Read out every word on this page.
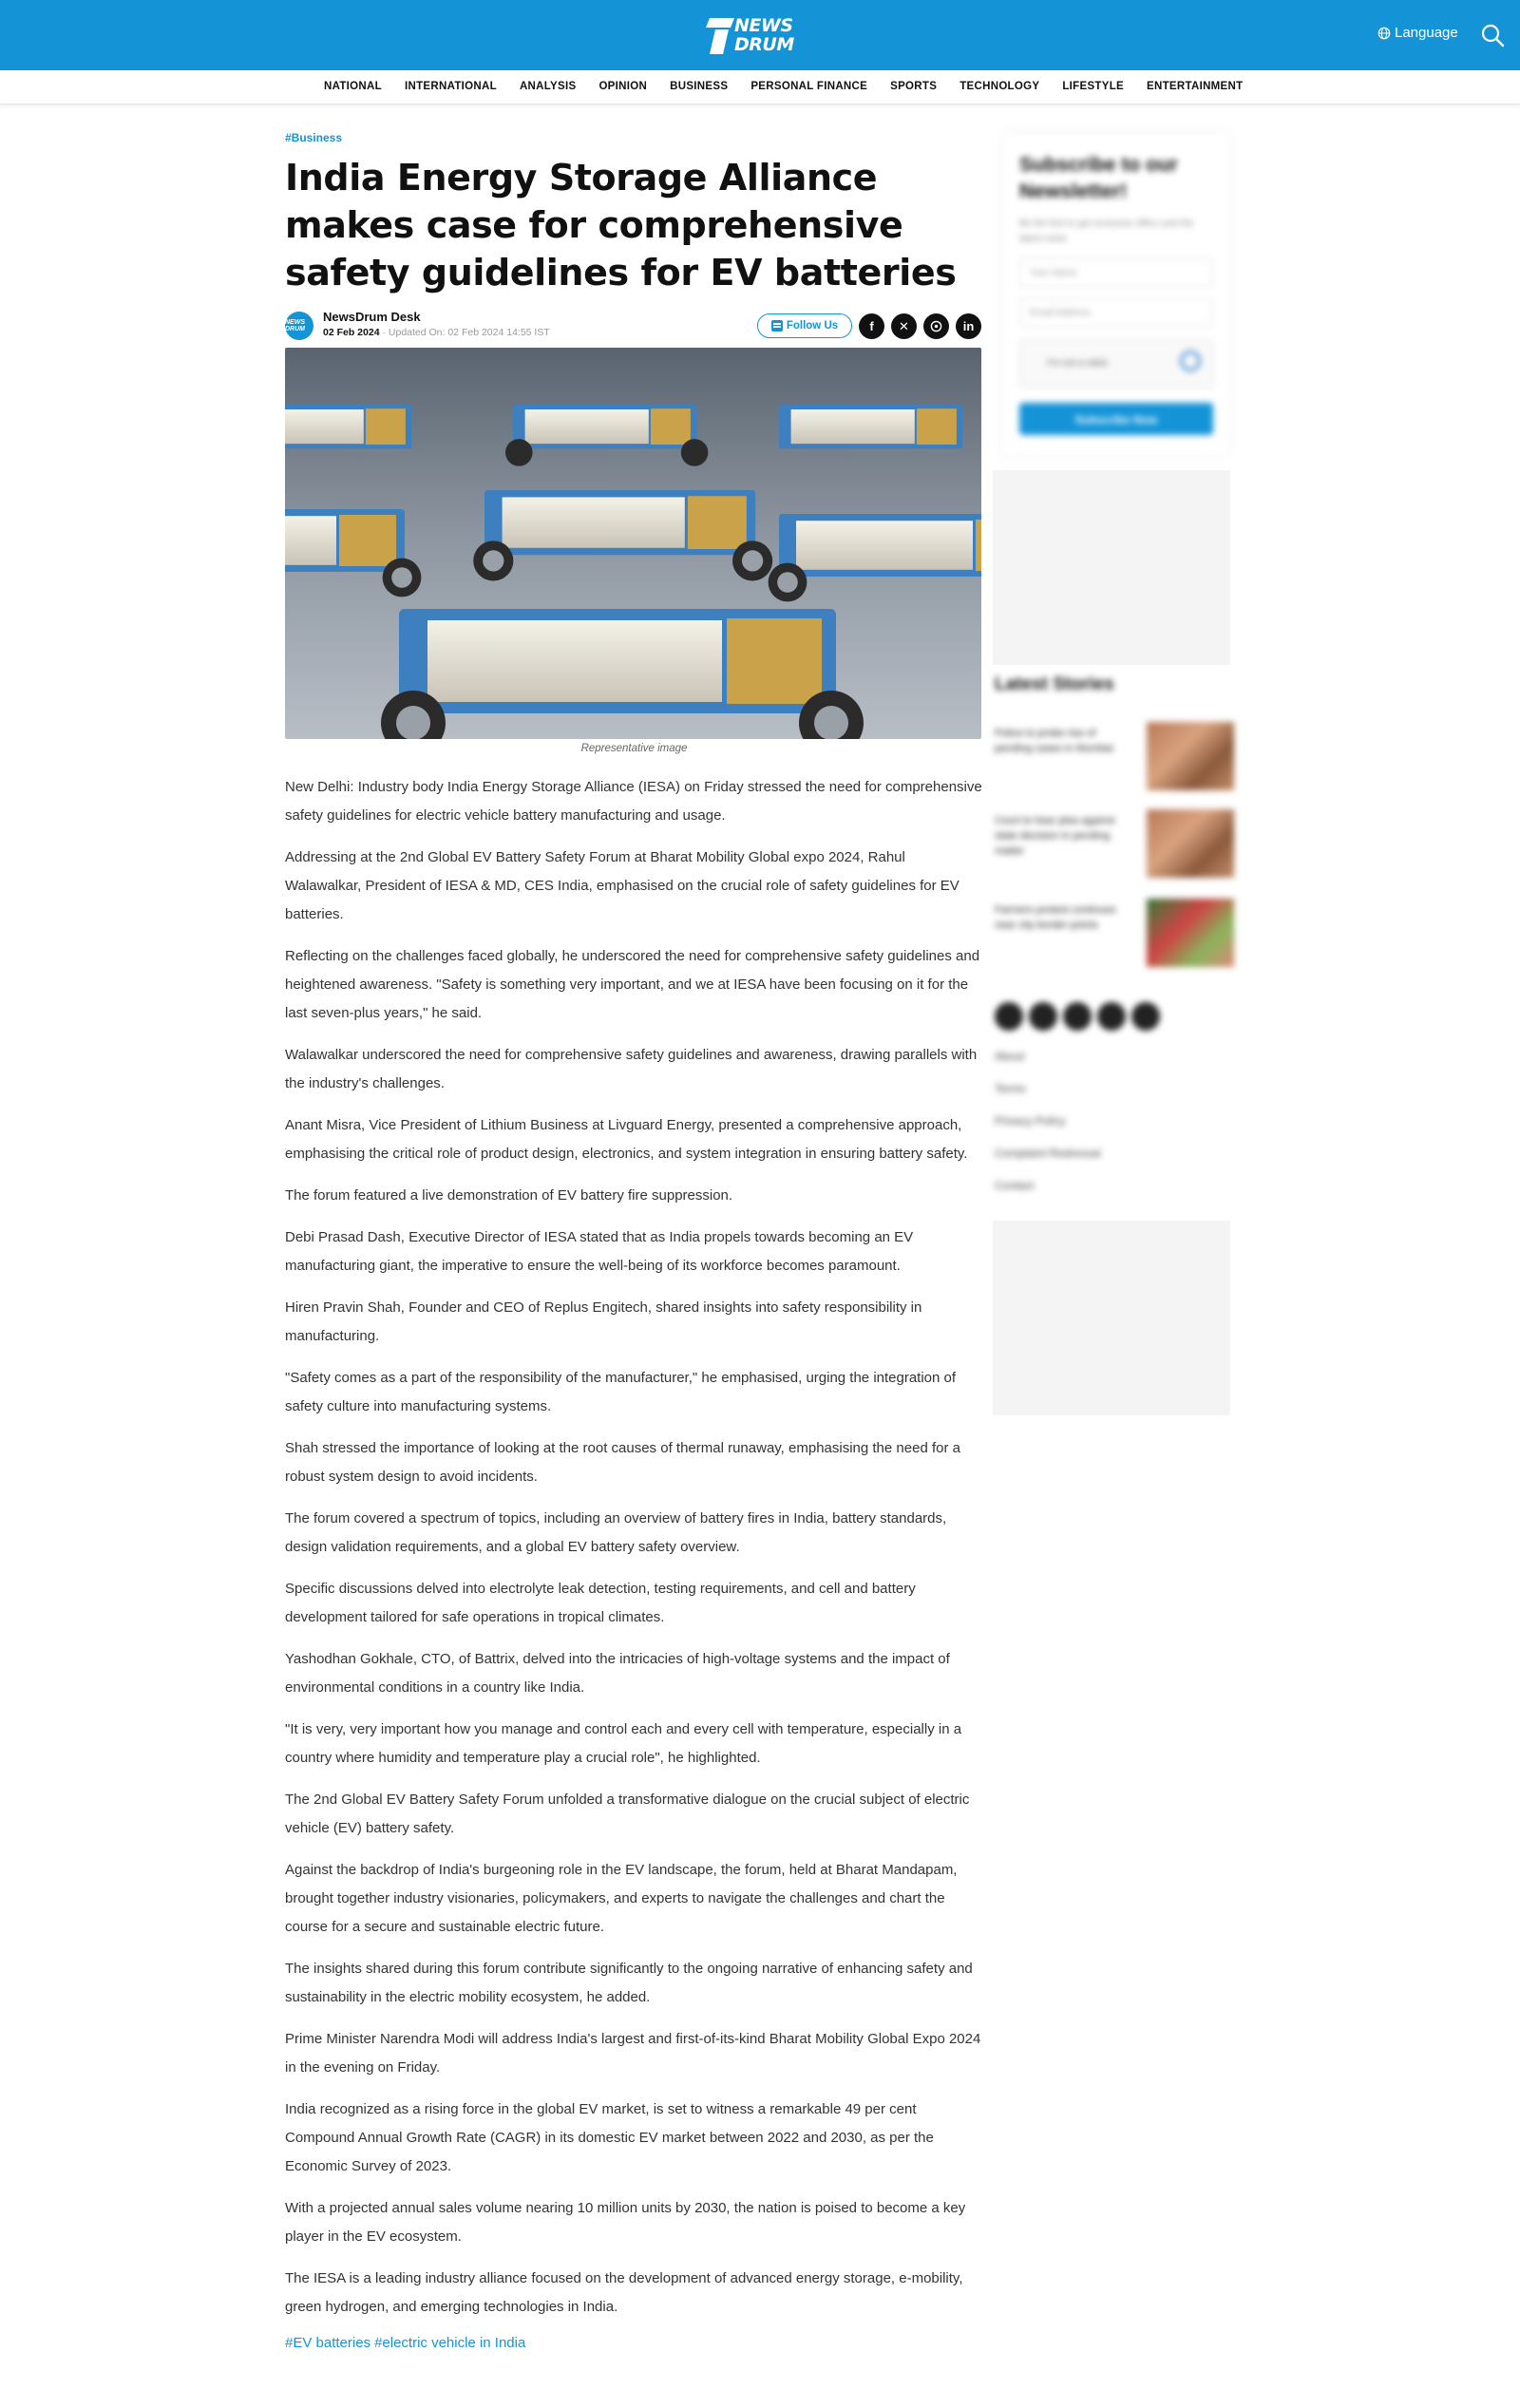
NEWS
DRUM
Language
NATIONAL INTERNATIONAL ANALYSIS OPINION BUSINESS PERSONAL FINANCE SPORTS TECHNOLOGY LIFESTYLE ENTERTAINMENT
#Business
India Energy Storage Alliance makes case for comprehensive safety guidelines for EV batteries
NEWS DRUM
NewsDrum Desk
02 Feb 2024 · Updated On: 02 Feb 2024 14:55 IST
Follow Us	f	✕	in
Representative image

New Delhi: Industry body India Energy Storage Alliance (IESA) on Friday stressed the need for comprehensive safety guidelines for electric vehicle battery manufacturing and usage.

Addressing at the 2nd Global EV Battery Safety Forum at Bharat Mobility Global expo 2024, Rahul Walawalkar, President of IESA & MD, CES India, emphasised on the crucial role of safety guidelines for EV batteries.

Reflecting on the challenges faced globally, he underscored the need for comprehensive safety guidelines and heightened awareness. "Safety is something very important, and we at IESA have been focusing on it for the last seven-plus years," he said.

Walawalkar underscored the need for comprehensive safety guidelines and awareness, drawing parallels with the industry's challenges.

Anant Misra, Vice President of Lithium Business at Livguard Energy, presented a comprehensive approach, emphasising the critical role of product design, electronics, and system integration in ensuring battery safety.

The forum featured a live demonstration of EV battery fire suppression.

Debi Prasad Dash, Executive Director of IESA stated that as India propels towards becoming an EV manufacturing giant, the imperative to ensure the well-being of its workforce becomes paramount.

Hiren Pravin Shah, Founder and CEO of Replus Engitech, shared insights into safety responsibility in manufacturing.

"Safety comes as a part of the responsibility of the manufacturer," he emphasised, urging the integration of safety culture into manufacturing systems.

Shah stressed the importance of looking at the root causes of thermal runaway, emphasising the need for a robust system design to avoid incidents.

The forum covered a spectrum of topics, including an overview of battery fires in India, battery standards, design validation requirements, and a global EV battery safety overview.

Specific discussions delved into electrolyte leak detection, testing requirements, and cell and battery development tailored for safe operations in tropical climates.

Yashodhan Gokhale, CTO, of Battrix, delved into the intricacies of high-voltage systems and the impact of environmental conditions in a country like India.

"It is very, very important how you manage and control each and every cell with temperature, especially in a country where humidity and temperature play a crucial role", he highlighted.

The 2nd Global EV Battery Safety Forum unfolded a transformative dialogue on the crucial subject of electric vehicle (EV) battery safety.

Against the backdrop of India's burgeoning role in the EV landscape, the forum, held at Bharat Mandapam, brought together industry visionaries, policymakers, and experts to navigate the challenges and chart the course for a secure and sustainable electric future.

The insights shared during this forum contribute significantly to the ongoing narrative of enhancing safety and sustainability in the electric mobility ecosystem, he added.

Prime Minister Narendra Modi will address India's largest and first-of-its-kind Bharat Mobility Global Expo 2024 in the evening on Friday.

India recognized as a rising force in the global EV market, is set to witness a remarkable 49 per cent Compound Annual Growth Rate (CAGR) in its domestic EV market between 2022 and 2030, as per the Economic Survey of 2023.

With a projected annual sales volume nearing 10 million units by 2030, the nation is poised to become a key player in the EV ecosystem.

The IESA is a leading industry alliance focused on the development of advanced energy storage, e-mobility, green hydrogen, and emerging technologies in India.

#EV batteries #electric vehicle in India
Subscribe to our Newsletter!
Be the first to get exclusive offers and the latest news
Your Name
Email Address
I'm not a robot
Subscribe Now
Latest Stories
Police to probe rise of pending cases in Mumbai
Court to hear plea against state decision in pending matter
Farmers protest continues near city border points
About
Terms
Privacy Policy
Complaint Redressal
Contact
